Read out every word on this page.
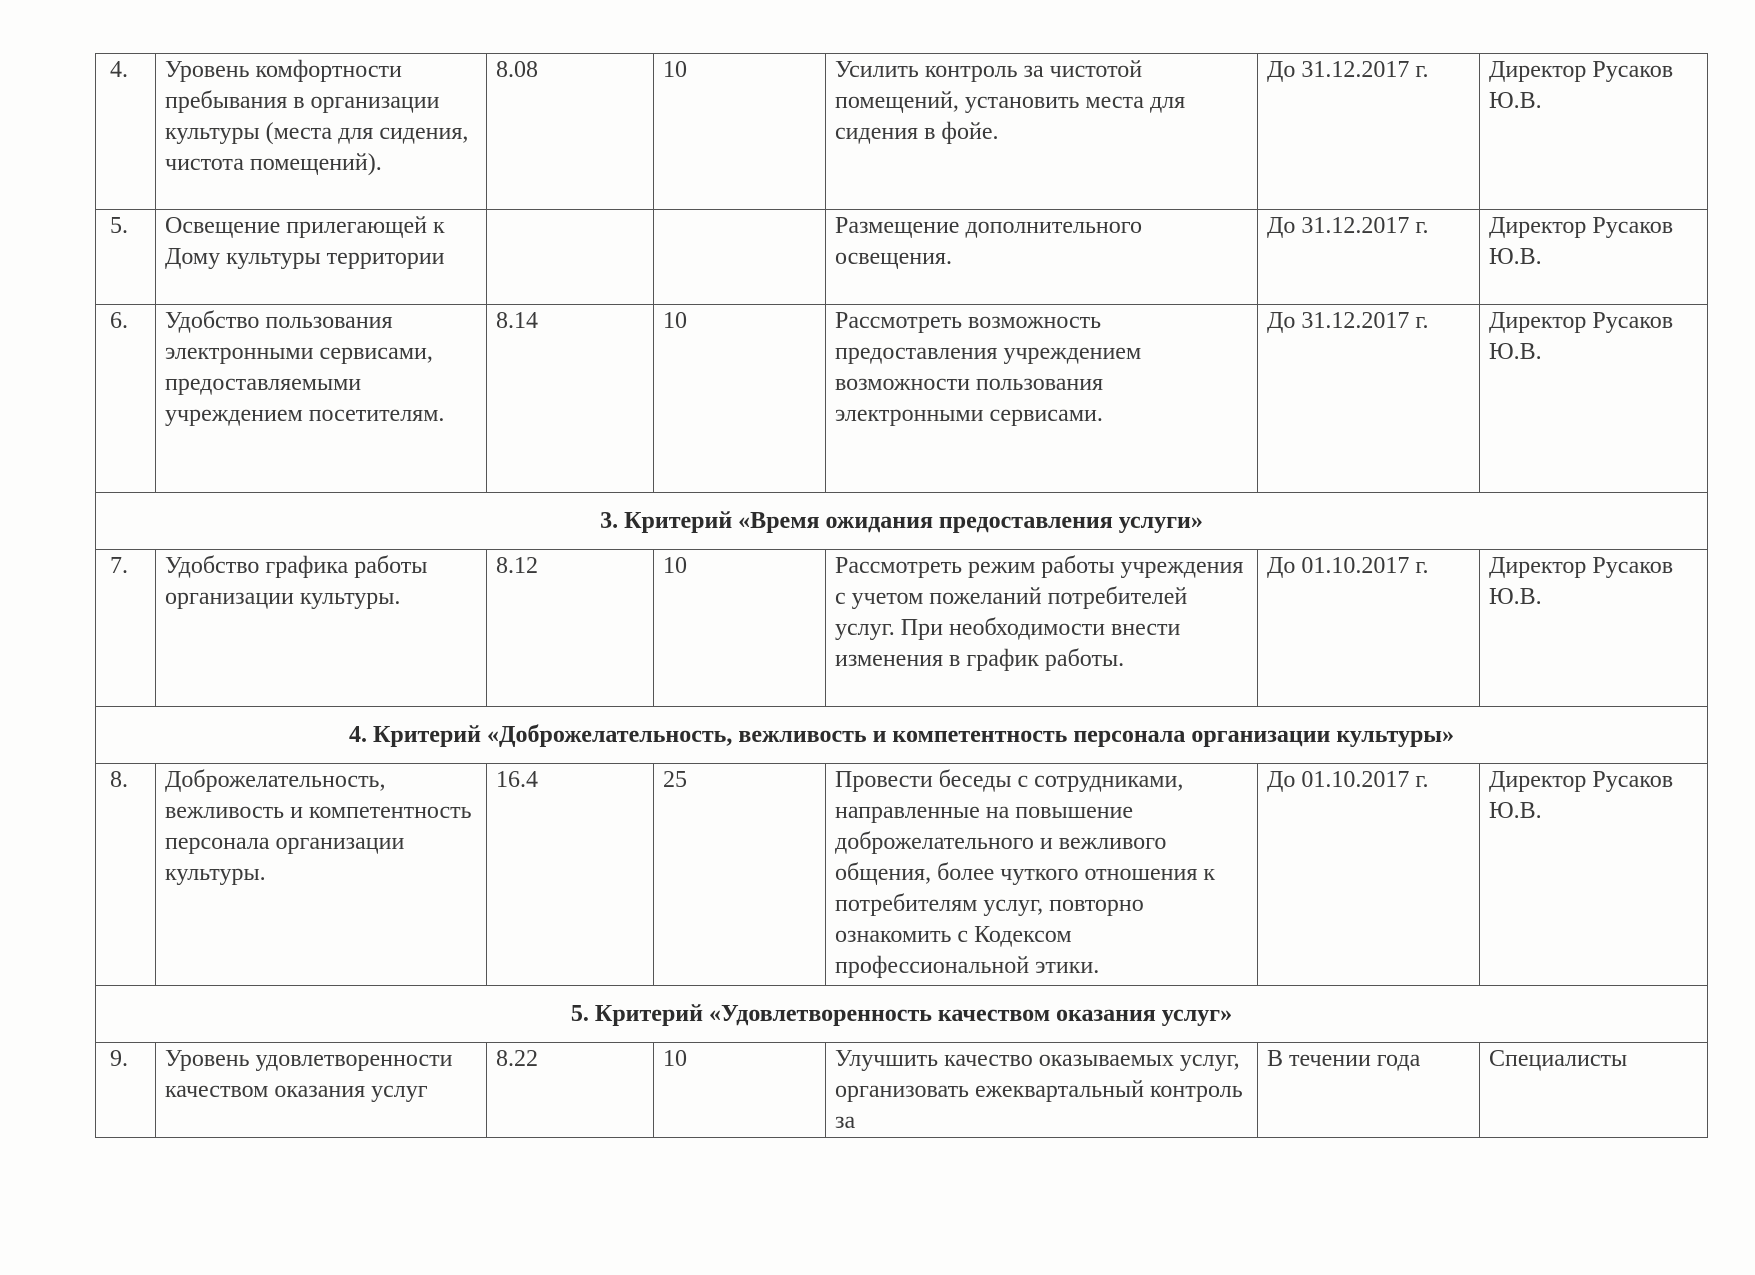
4.	Уровень комфортности пребывания в организации культуры (места для сидения, чистота помещений).	8.08	10	Усилить контроль за чистотой помещений, установить места для сидения в фойе.	До 31.12.2017 г.	Директор Русаков Ю.В.
5.	Освещение прилегающей к Дому культуры территории			Размещение дополнительного освещения.	До 31.12.2017 г.	Директор Русаков Ю.В.
6.	Удобство пользования электронными сервисами, предоставляемыми учреждением посетителям.	8.14	10	Рассмотреть возможность предоставления учреждением возможности пользования электронными сервисами.	До 31.12.2017 г.	Директор Русаков Ю.В.
3. Критерий «Время ожидания предоставления услуги»						
7.	Удобство графика работы организации культуры.	8.12	10	Рассмотреть режим работы учреждения с учетом пожеланий потребителей услуг. При необходимости внести изменения в график работы.	До 01.10.2017 г.	Директор Русаков Ю.В.
4. Критерий «Доброжелательность, вежливость и компетентность персонала организации культуры»						
8.	Доброжелательность, вежливость и компетентность персонала организации культуры.	16.4	25	Провести беседы с сотрудниками, направленные на повышение доброжелательного и вежливого общения, более чуткого отношения к потребителям услуг, повторно ознакомить с Кодексом профессиональной этики.	До 01.10.2017 г.	Директор Русаков Ю.В.
5. Критерий «Удовлетворенность качеством оказания услуг»						
9.	Уровень удовлетворенности качеством оказания услуг	8.22	10	Улучшить качество оказываемых услуг, организовать ежеквартальный контроль за	В течении года	Специалисты
